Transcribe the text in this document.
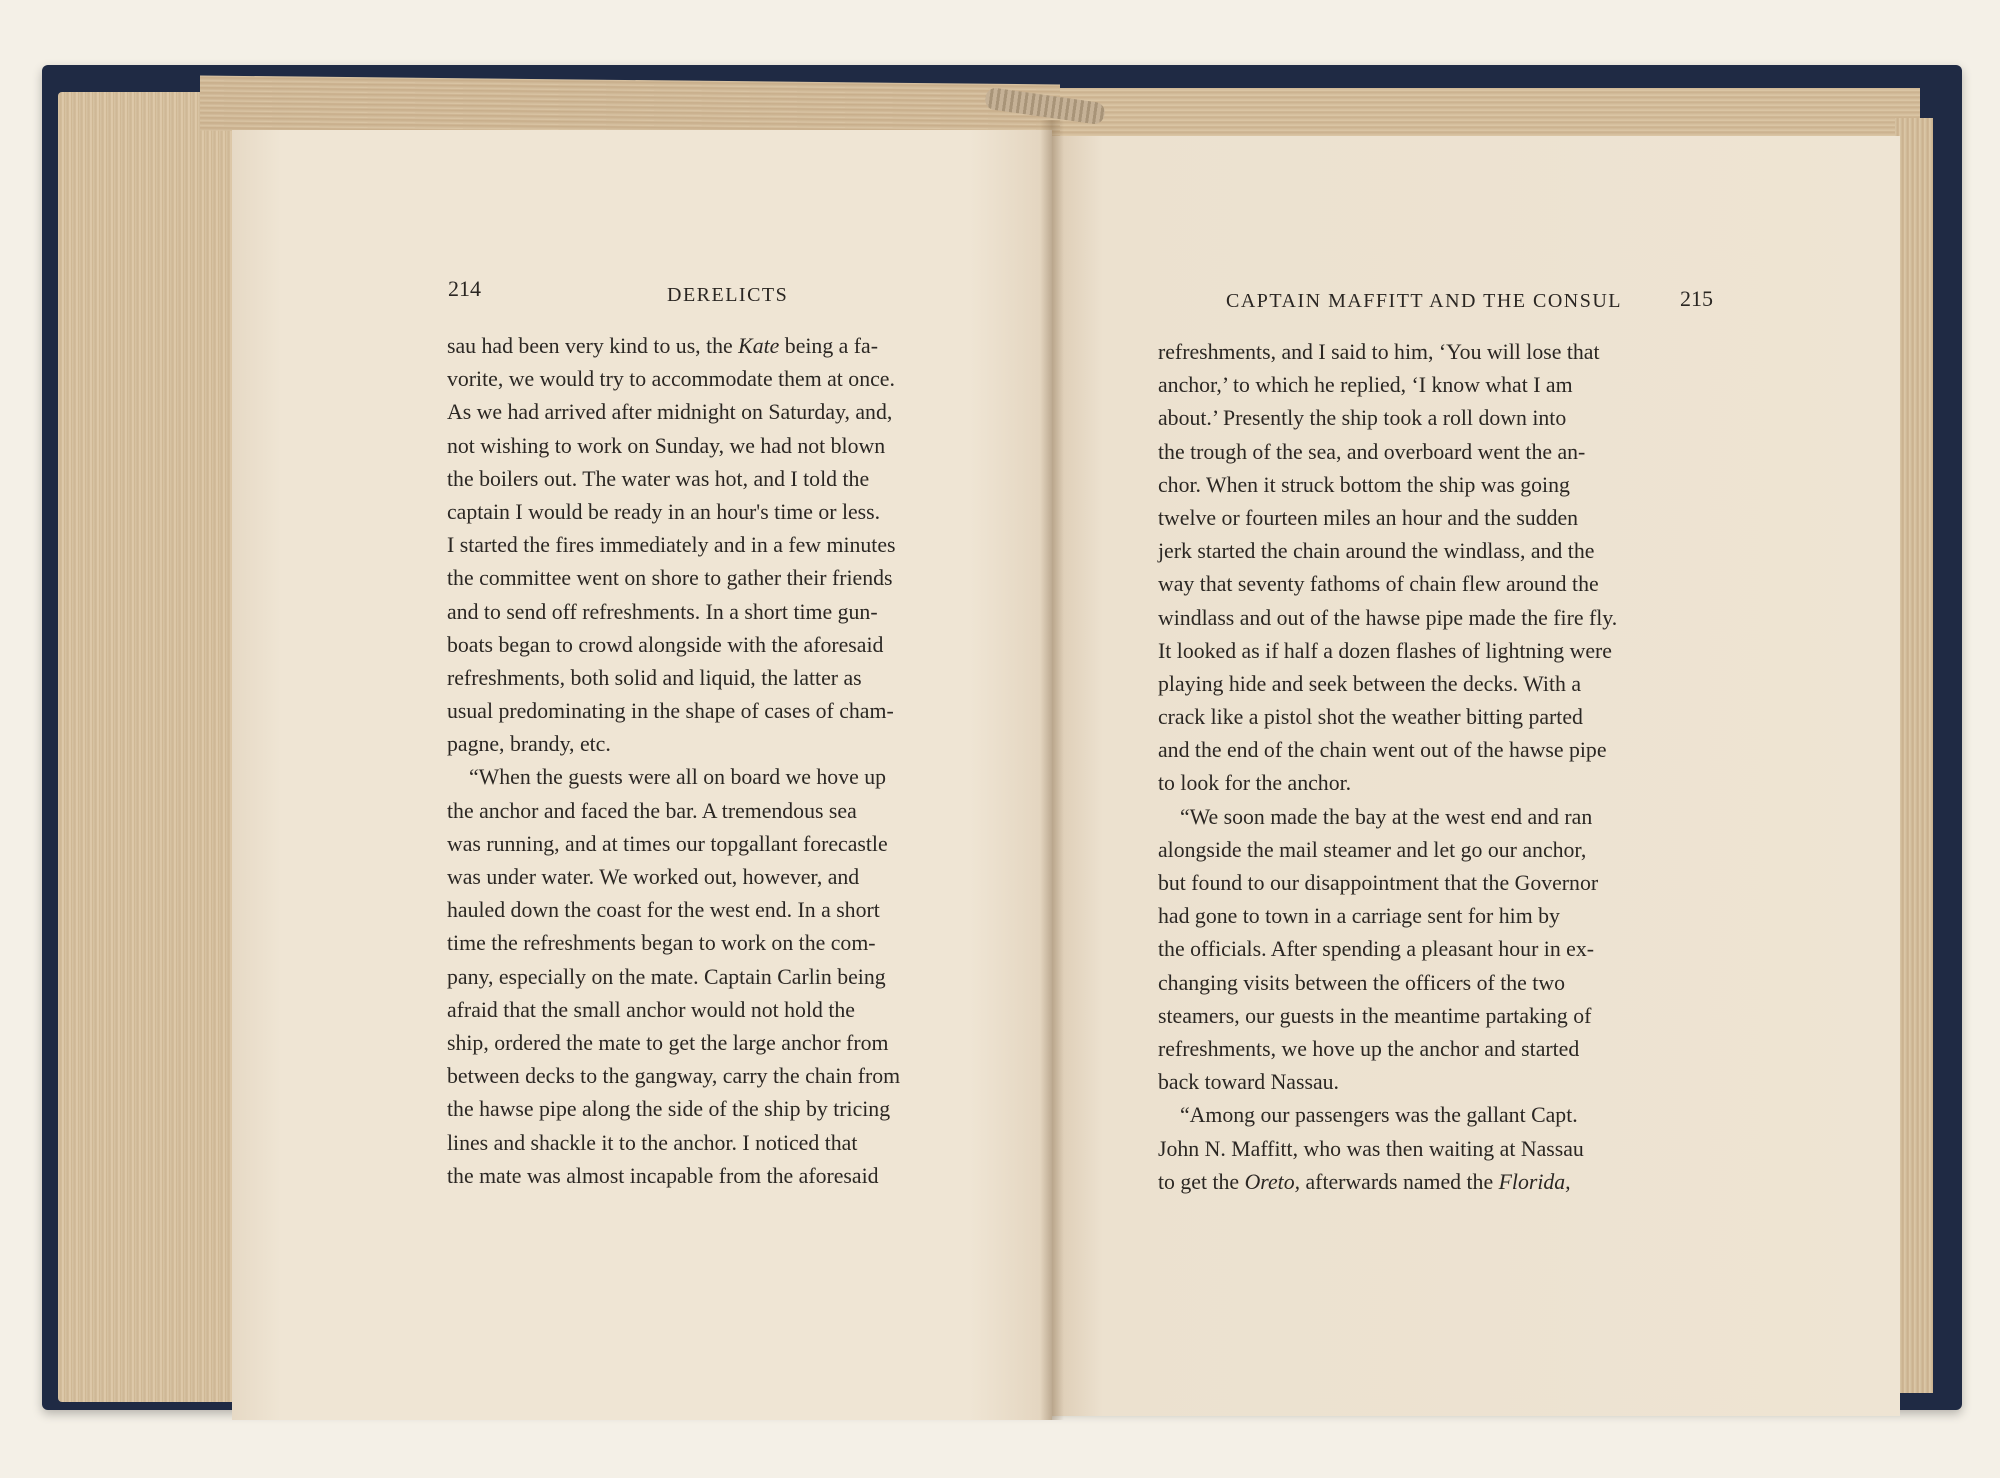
214	DERELICTS	CAPTAIN MAFFITT AND THE CONSUL	215
sau had been very kind to us, the Kate being a fa-
vorite, we would try to accommodate them at once.
As we had arrived after midnight on Saturday, and,
not wishing to work on Sunday, we had not blown
the boilers out. The water was hot, and I told the
captain I would be ready in an hour's time or less.
I started the fires immediately and in a few minutes
the committee went on shore to gather their friends
and to send off refreshments. In a short time gun-
boats began to crowd alongside with the aforesaid
refreshments, both solid and liquid, the latter as
usual predominating in the shape of cases of cham-
pagne, brandy, etc.
“When the guests were all on board we hove up
the anchor and faced the bar. A tremendous sea
was running, and at times our topgallant forecastle
was under water. We worked out, however, and
hauled down the coast for the west end. In a short
time the refreshments began to work on the com-
pany, especially on the mate. Captain Carlin being
afraid that the small anchor would not hold the
ship, ordered the mate to get the large anchor from
between decks to the gangway, carry the chain from
the hawse pipe along the side of the ship by tricing
lines and shackle it to the anchor. I noticed that
the mate was almost incapable from the aforesaid
refreshments, and I said to him, ‘You will lose that
anchor,’ to which he replied, ‘I know what I am
about.’ Presently the ship took a roll down into
the trough of the sea, and overboard went the an-
chor. When it struck bottom the ship was going
twelve or fourteen miles an hour and the sudden
jerk started the chain around the windlass, and the
way that seventy fathoms of chain flew around the
windlass and out of the hawse pipe made the fire fly.
It looked as if half a dozen flashes of lightning were
playing hide and seek between the decks. With a
crack like a pistol shot the weather bitting parted
and the end of the chain went out of the hawse pipe
to look for the anchor.
“We soon made the bay at the west end and ran
alongside the mail steamer and let go our anchor,
but found to our disappointment that the Governor
had gone to town in a carriage sent for him by
the officials. After spending a pleasant hour in ex-
changing visits between the officers of the two
steamers, our guests in the meantime partaking of
refreshments, we hove up the anchor and started
back toward Nassau.
“Among our passengers was the gallant Capt.
John N. Maffitt, who was then waiting at Nassau
to get the Oreto, afterwards named the Florida,
